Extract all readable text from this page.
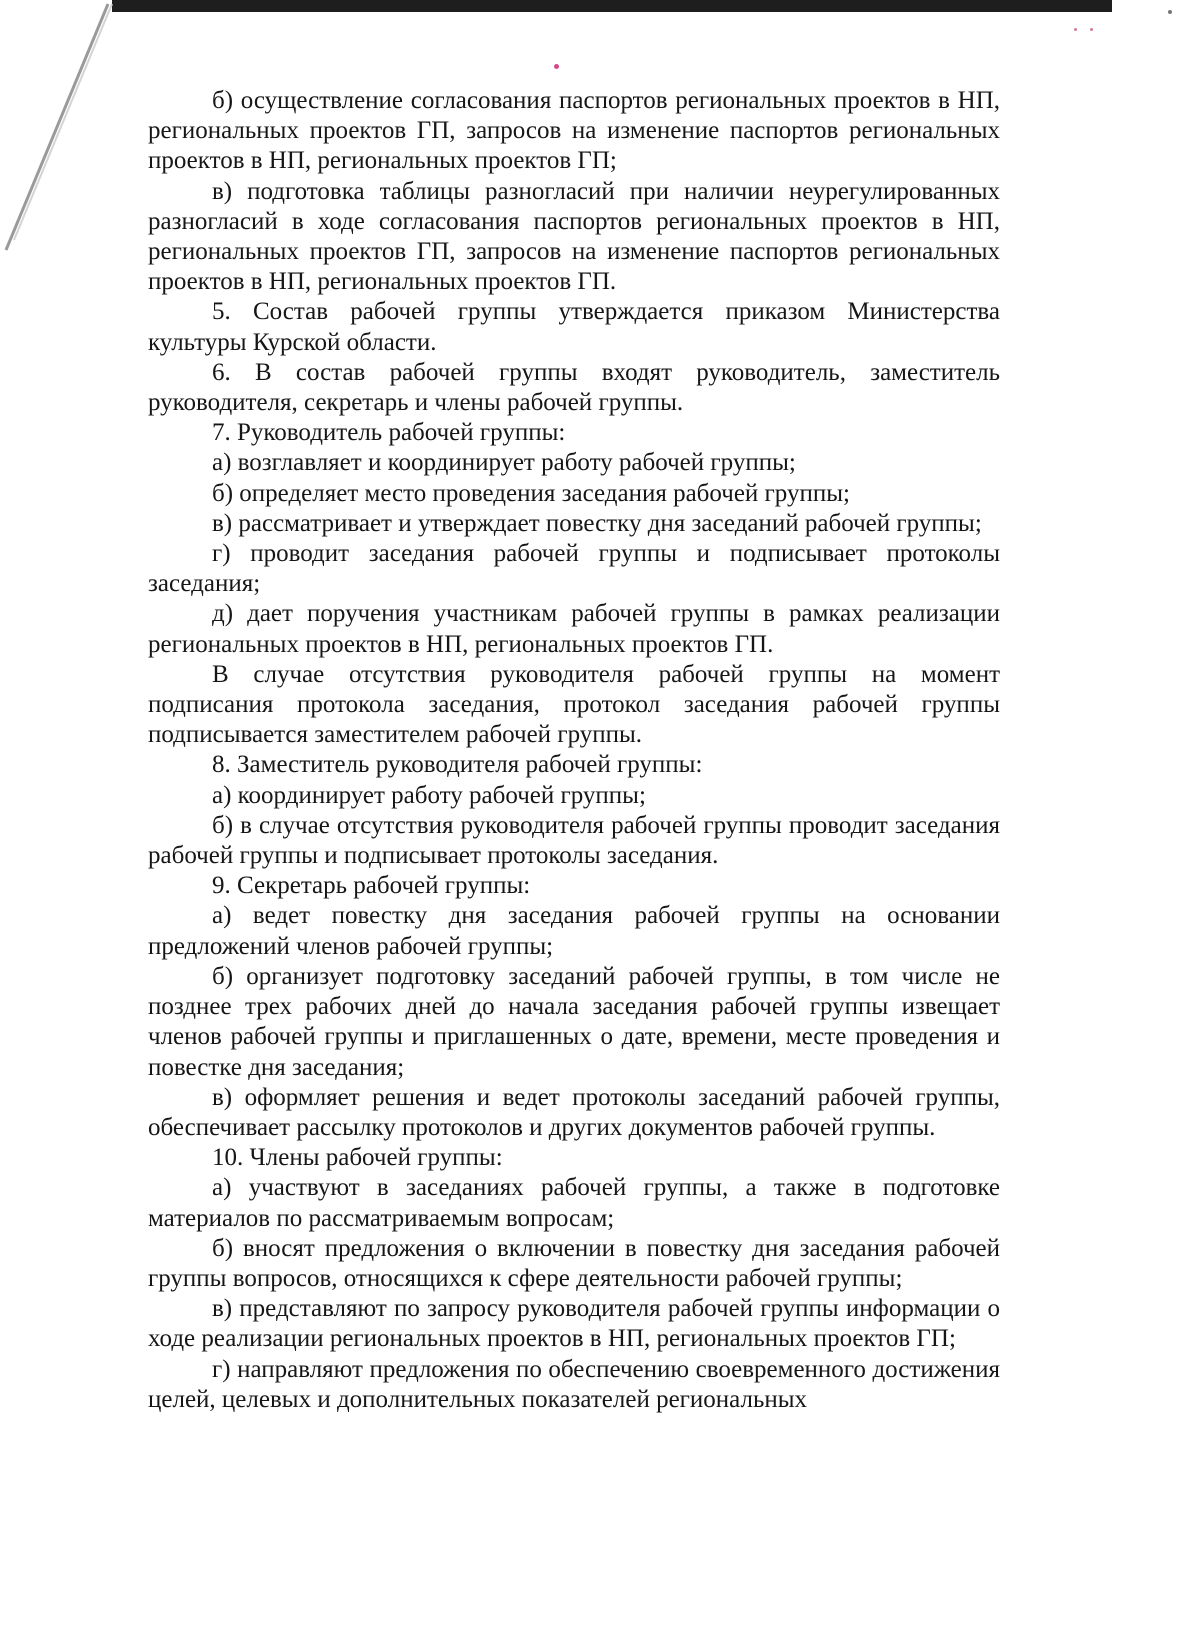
б) осуществление согласования паспортов региональных проектов в НП, региональных проектов ГП, запросов на изменение паспортов региональных проектов в НП, региональных проектов ГП;

в) подготовка таблицы разногласий при наличии неурегулированных разногласий в ходе согласования паспортов региональных проектов в НП, региональных проектов ГП, запросов на изменение паспортов региональных проектов в НП, региональных проектов ГП.

5. Состав рабочей группы утверждается приказом Министерства культуры Курской области.

6. В состав рабочей группы входят руководитель, заместитель руководителя, секретарь и члены рабочей группы.

7. Руководитель рабочей группы:

а) возглавляет и координирует работу рабочей группы;

б) определяет место проведения заседания рабочей группы;

в) рассматривает и утверждает повестку дня заседаний рабочей группы;

г) проводит заседания рабочей группы и подписывает протоколы заседания;

д) дает поручения участникам рабочей группы в рамках реализации региональных проектов в НП, региональных проектов ГП.

В случае отсутствия руководителя рабочей группы на момент подписания протокола заседания, протокол заседания рабочей группы подписывается заместителем рабочей группы.

8. Заместитель руководителя рабочей группы:

а) координирует работу рабочей группы;

б) в случае отсутствия руководителя рабочей группы проводит заседания рабочей группы и подписывает протоколы заседания.

9. Секретарь рабочей группы:

а) ведет повестку дня заседания рабочей группы на основании предложений членов рабочей группы;

б) организует подготовку заседаний рабочей группы, в том числе не позднее трех рабочих дней до начала заседания рабочей группы извещает членов рабочей группы и приглашенных о дате, времени, месте проведения и повестке дня заседания;

в) оформляет решения и ведет протоколы заседаний рабочей группы, обеспечивает рассылку протоколов и других документов рабочей группы.

10. Члены рабочей группы:

а) участвуют в заседаниях рабочей группы, а также в подготовке материалов по рассматриваемым вопросам;

б) вносят предложения о включении в повестку дня заседания рабочей группы вопросов, относящихся к сфере деятельности рабочей группы;

в) представляют по запросу руководителя рабочей группы информации о ходе реализации региональных проектов в НП, региональных проектов ГП;

г) направляют предложения по обеспечению своевременного достижения целей, целевых и дополнительных показателей региональных
